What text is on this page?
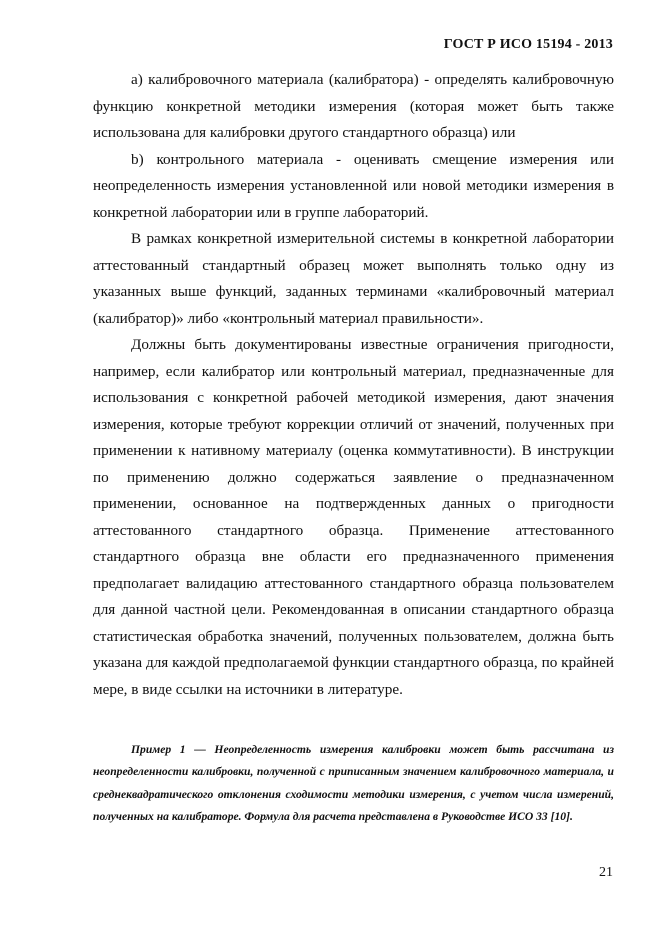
ГОСТ Р ИСО 15194 - 2013

a) калибровочного материала (калибратора) - определять калибровочную функцию конкретной методики измерения (которая может быть также использована для калибровки другого стандартного образца) или

b) контрольного материала - оценивать смещение измерения или неопределенность измерения установленной или новой методики измерения в конкретной лаборатории или в группе лабораторий.

В рамках конкретной измерительной системы в конкретной лаборатории аттестованный стандартный образец может выполнять только одну из указанных выше функций, заданных терминами «калибровочный материал (калибратор)» либо «контрольный материал правильности».

Должны быть документированы известные ограничения пригодности, например, если калибратор или контрольный материал, предназначенные для использования с конкретной рабочей методикой измерения, дают значения измерения, которые требуют коррекции отличий от значений, полученных при применении к нативному материалу (оценка коммутативности). В инструкции по применению должно содержаться заявление о предназначенном применении, основанное на подтвержденных данных о пригодности аттестованного стандартного образца. Применение аттестованного стандартного образца вне области его предназначенного применения предполагает валидацию аттестованного стандартного образца пользователем для данной частной цели. Рекомендованная в описании стандартного образца статистическая обработка значений, полученных пользователем, должна быть указана для каждой предполагаемой функции стандартного образца, по крайней мере, в виде ссылки на источники в литературе.

Пример 1 — Неопределенность измерения калибровки может быть рассчитана из неопределенности калибровки, полученной с приписанным значением калибровочного материала, и среднеквадратического отклонения сходимости методики измерения, с учетом числа измерений, полученных на калибраторе. Формула для расчета представлена в Руководстве ИСО 33 [10].
21
